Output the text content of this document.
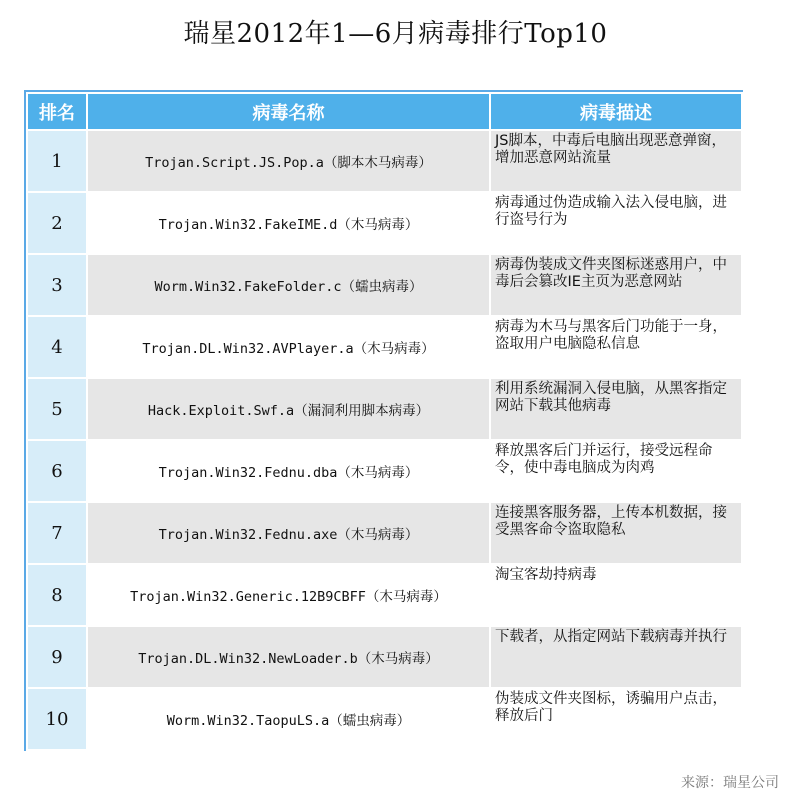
瑞星2012年1—6月病毒排行Top10
排名	病毒名称	病毒描述
1	Trojan.Script.JS.Pop.a（脚本木马病毒）	JS脚本，中毒后电脑出现恶意弹窗，增加恶意网站流量
2	Trojan.Win32.FakeIME.d（木马病毒）	病毒通过伪造成输入法入侵电脑，进行盗号行为
3	Worm.Win32.FakeFolder.c（蠕虫病毒）	病毒伪装成文件夹图标迷惑用户，中毒后会篡改IE主页为恶意网站
4	Trojan.DL.Win32.AVPlayer.a（木马病毒）	病毒为木马与黑客后门功能于一身，盗取用户电脑隐私信息
5	Hack.Exploit.Swf.a（漏洞利用脚本病毒）	利用系统漏洞入侵电脑，从黑客指定网站下载其他病毒
6	Trojan.Win32.Fednu.dba（木马病毒）	释放黑客后门并运行，接受远程命令，使中毒电脑成为肉鸡
7	Trojan.Win32.Fednu.axe（木马病毒）	连接黑客服务器，上传本机数据，接受黑客命令盗取隐私
8	Trojan.Win32.Generic.12B9CBFF（木马病毒）	淘宝客劫持病毒
9	Trojan.DL.Win32.NewLoader.b（木马病毒）	下载者，从指定网站下载病毒并执行
10	Worm.Win32.TaopuLS.a（蠕虫病毒）	伪装成文件夹图标，诱骗用户点击，释放后门
来源：瑞星公司
